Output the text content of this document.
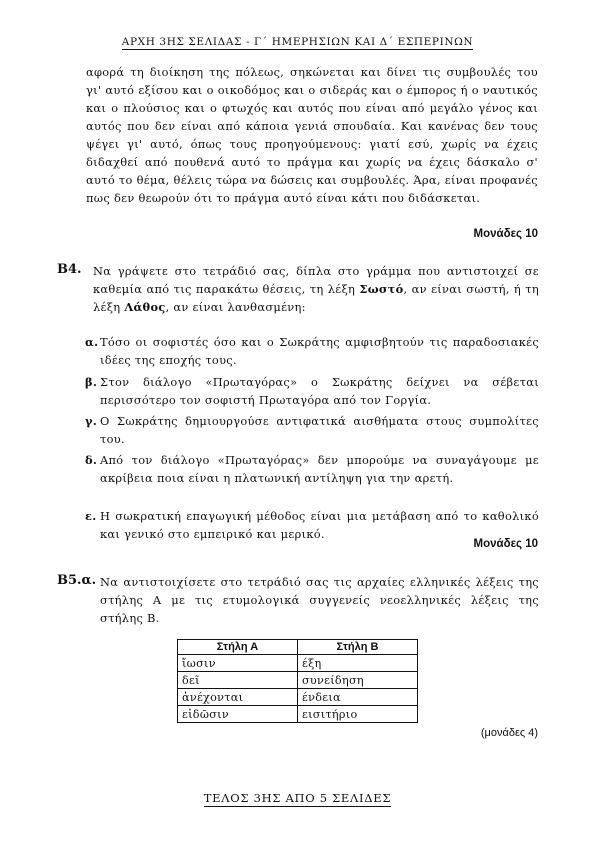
ΑΡΧΗ 3ΗΣ ΣΕΛΙΔΑΣ - Γ΄ ΗΜΕΡΗΣΙΩΝ ΚΑΙ Δ΄ ΕΣΠΕΡΙΝΩΝ

αφορά τη διοίκηση της πόλεως, σηκώνεται και δίνει τις συμβουλές του γι' αυτό εξίσου και ο οικοδόμος και ο σιδεράς και ο έμπορος ή ο ναυτικός και ο πλούσιος και ο φτωχός και αυτός που είναι από μεγάλο γένος και αυτός που δεν είναι από κάποια γενιά σπουδαία. Και κανένας δεν τους ψέγει γι' αυτό, όπως τους προηγούμενους: γιατί εσύ, χωρίς να έχεις διδαχθεί από πουθενά αυτό το πράγμα και χωρίς να έχεις δάσκαλο σ' αυτό το θέμα, θέλεις τώρα να δώσεις και συμβουλές. Άρα, είναι προφανές πως δεν θεωρούν ότι το πράγμα αυτό είναι κάτι που διδάσκεται.

Μονάδες 10
Β4. Να γράψετε στο τετράδιό σας, δίπλα στο γράμμα που αντιστοιχεί σε καθεμία από τις παρακάτω θέσεις, τη λέξη Σωστό, αν είναι σωστή, ή τη λέξη Λάθος, αν είναι λανθασμένη:
α. Τόσο οι σοφιστές όσο και ο Σωκράτης αμφισβητούν τις παραδοσιακές ιδέες της εποχής τους.
β. Στον διάλογο «Πρωταγόρας» ο Σωκράτης δείχνει να σέβεται περισσότερο τον σοφιστή Πρωταγόρα από τον Γοργία.
γ. Ο Σωκράτης δημιουργούσε αντιφατικά αισθήματα στους συμπολίτες του.
δ. Από τον διάλογο «Πρωταγόρας» δεν μπορούμε να συναγάγουμε με ακρίβεια ποια είναι η πλατωνική αντίληψη για την αρετή.
ε. Η σωκρατική επαγωγική μέθοδος είναι μια μετάβαση από το καθολικό και γενικό στο εμπειρικό και μερικό.
Μονάδες 10
Β5.α. Να αντιστοιχίσετε στο τετράδιό σας τις αρχαίες ελληνικές λέξεις της στήλης Α με τις ετυμολογικά συγγενείς νεοελληνικές λέξεις της στήλης Β.
Στήλη Α	Στήλη Β
ἴωσιν	έξη
δεῖ	συνείδηση
ἀνέχονται	ένδεια
εἰδῶσιν	εισιτήριο
(μονάδες 4)
ΤΕΛΟΣ 3ΗΣ ΑΠΟ 5 ΣΕΛΙΔΕΣ
